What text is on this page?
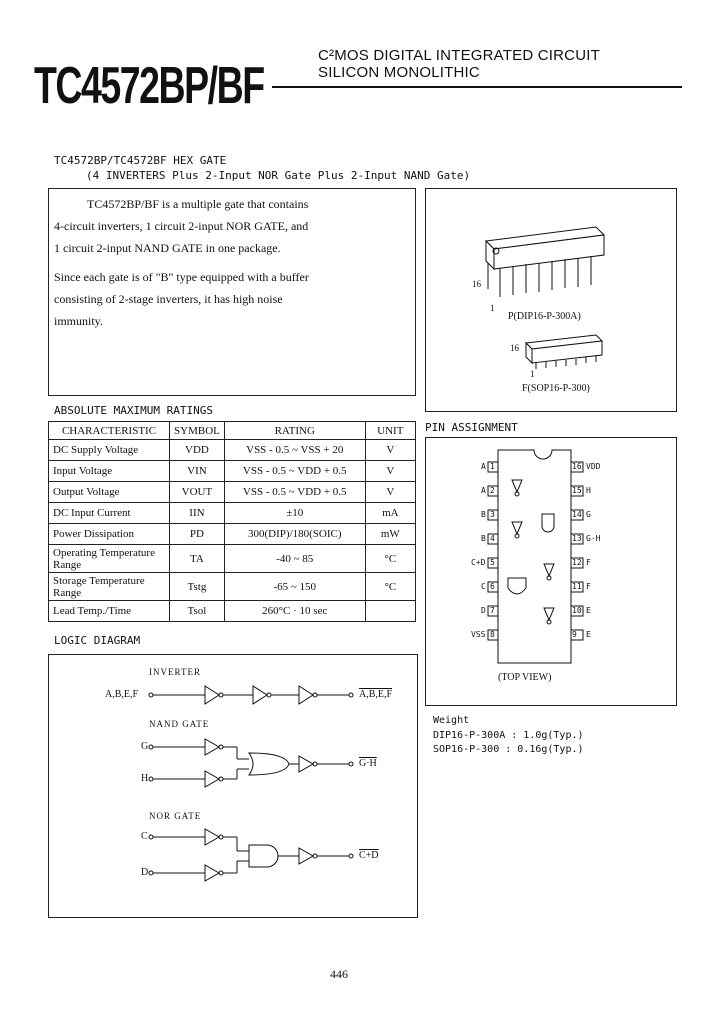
TC4572BP/BF
C²MOS DIGITAL INTEGRATED CIRCUIT
SILICON MONOLITHIC
TC4572BP/TC4572BF HEX GATE
(4 INVERTERS Plus 2-Input NOR Gate Plus 2-Input NAND Gate)
TC4572BP/BF is a multiple gate that contains
4-circuit inverters, 1 circuit 2-input NOR GATE, and
1 circuit 2-input NAND GATE in one package.
Since each gate is of "B" type equipped with a buffer
consisting of 2-stage inverters, it has high noise
immunity.
16
1
P(DIP16-P-300A)
16
1
F(SOP16-P-300)
ABSOLUTE MAXIMUM RATINGS
CHARACTERISTIC	SYMBOL	RATING	UNIT
DC Supply Voltage	VDD	VSS - 0.5 ~ VSS + 20	V
Input Voltage	VIN	VSS - 0.5 ~ VDD + 0.5	V
Output Voltage	VOUT	VSS - 0.5 ~ VDD + 0.5	V
DC Input Current	IIN	±10	mA
Power Dissipation	PD	300(DIP)/180(SOIC)	mW
Operating Temperature Range	TA	-40 ~ 85	°C
Storage Temperature Range	Tstg	-65 ~ 150	°C
Lead Temp./Time	Tsol	260°C · 10 sec	
PIN ASSIGNMENT
1	16
A	VDD
2	15
A	H
3	14
B	G
4	13
B	G·H
5	12
C+D	F
6	11
C	F
7	10
D	E
8	9
VSS	E
(TOP VIEW)
Weight
DIP16-P-300A : 1.0g(Typ.)
SOP16-P-300 : 0.16g(Typ.)
LOGIC DIAGRAM
INVERTER
A,B,E,F	A,B,E,F
NAND GATE
G
H
G·H
NOR GATE
C
D
C+D
446
